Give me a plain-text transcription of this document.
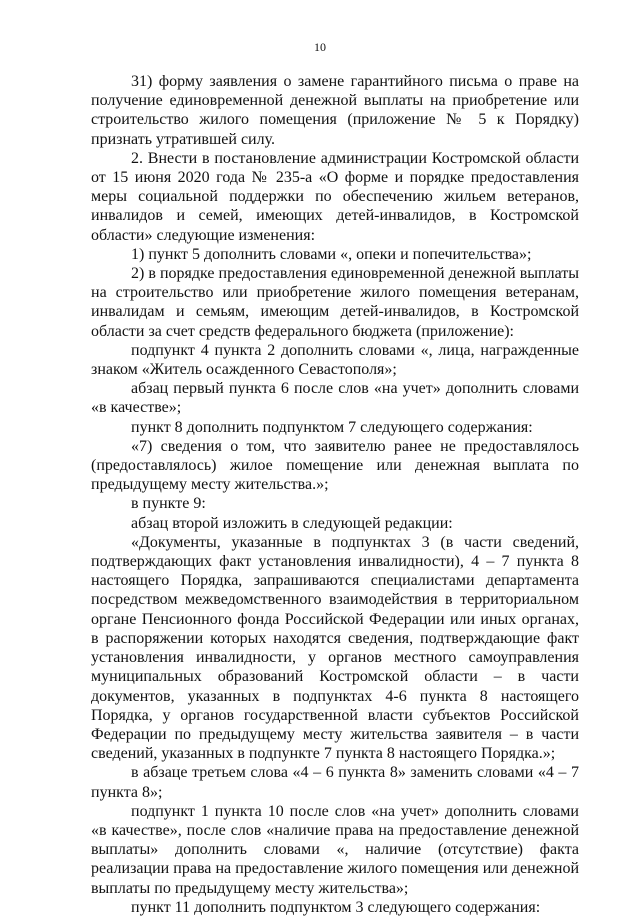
10

31) форму заявления о замене гарантийного письма о праве на получение единовременной денежной выплаты на приобретение или строительство жилого помещения (приложение № 5 к Порядку) признать утратившей силу.

2. Внести в постановление администрации Костромской области от 15 июня 2020 года № 235-а «О форме и порядке предоставления меры социальной поддержки по обеспечению жильем ветеранов, инвалидов и семей, имеющих детей-инвалидов, в Костромской области» следующие изменения:

1) пункт 5 дополнить словами «, опеки и попечительства»;

2) в порядке предоставления единовременной денежной выплаты на строительство или приобретение жилого помещения ветеранам, инвалидам и семьям, имеющим детей-инвалидов, в Костромской области за счет средств федерального бюджета (приложение):

подпункт 4 пункта 2 дополнить словами «, лица, награжденные знаком «Житель осажденного Севастополя»;

абзац первый пункта 6 после слов «на учет» дополнить словами «в качестве»;

пункт 8 дополнить подпунктом 7 следующего содержания:

«7) сведения о том, что заявителю ранее не предоставлялось (предоставлялось) жилое помещение или денежная выплата по предыдущему месту жительства.»;

в пункте 9:

абзац второй изложить в следующей редакции:

«Документы, указанные в подпунктах 3 (в части сведений, подтверждающих факт установления инвалидности), 4 – 7 пункта 8 настоящего Порядка, запрашиваются специалистами департамента посредством межведомственного взаимодействия в территориальном органе Пенсионного фонда Российской Федерации или иных органах, в распоряжении которых находятся сведения, подтверждающие факт установления инвалидности, у органов местного самоуправления муниципальных образований Костромской области – в части документов, указанных в подпунктах 4-6 пункта 8 настоящего Порядка, у органов государственной власти субъектов Российской Федерации по предыдущему месту жительства заявителя – в части сведений, указанных в подпункте 7 пункта 8 настоящего Порядка.»;

в абзаце третьем слова «4 – 6 пункта 8» заменить словами «4 – 7 пункта 8»;

подпункт 1 пункта 10 после слов «на учет» дополнить словами «в качестве», после слов «наличие права на предоставление денежной выплаты» дополнить словами «, наличие (отсутствие) факта реализации права на предоставление жилого помещения или денежной выплаты по предыдущему месту жительства»;

пункт 11 дополнить подпунктом 3 следующего содержания:
